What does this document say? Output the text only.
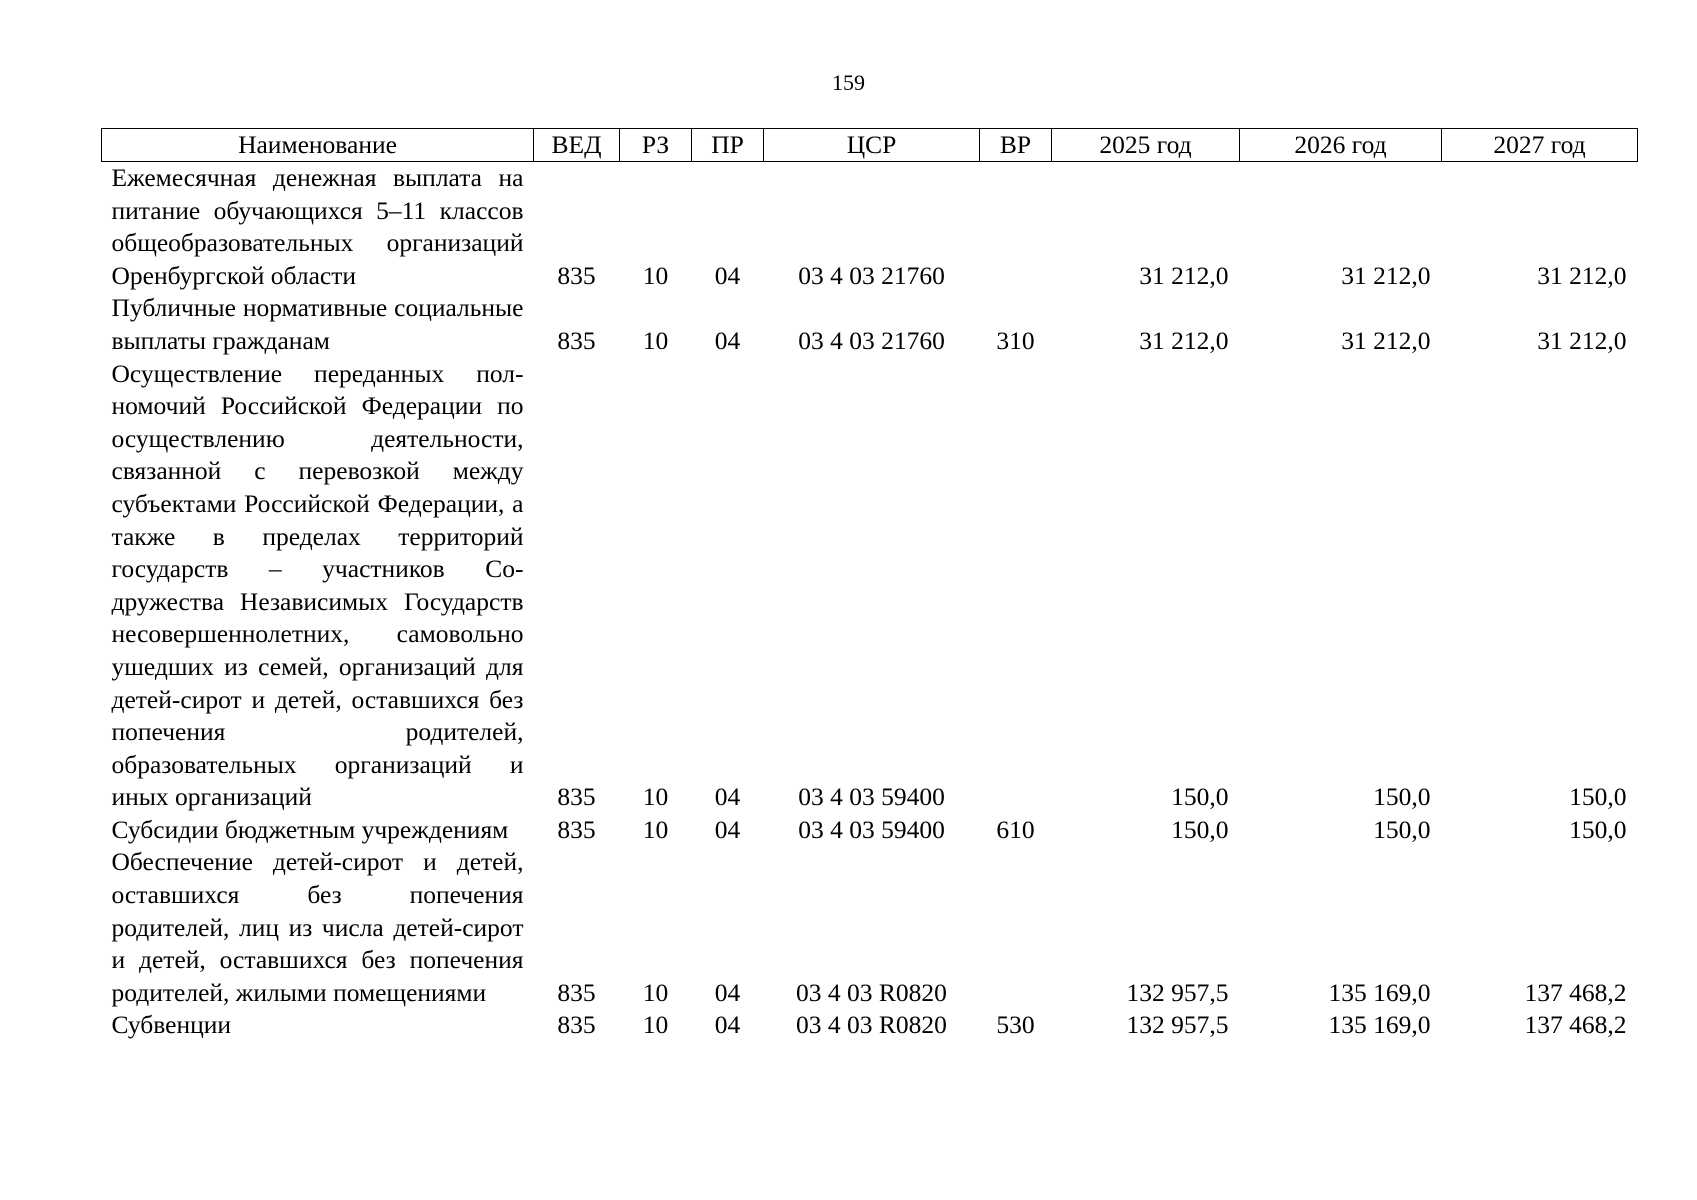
159
Наименование	ВЕД	РЗ	ПР	ЦСР	ВР	2025 год	2026 год	2027 год
Ежемесячная денежная выплата на питание обучающихся 5–11 классов общеобразовательных организаций Оренбургской области	835	10	04	03 4 03 21760		31 212,0	31 212,0	31 212,0
Публичные нормативные социальные выплаты гражданам	835	10	04	03 4 03 21760	310	31 212,0	31 212,0	31 212,0
Осуществление переданных полномочий Российской Федерации по осуществлению деятельности, связанной с перевозкой между субъектами Российской Федерации, а также в пределах территорий государств – участников Содружества Независимых Государств несовершеннолетних, самовольно ушедших из семей, организаций для детей-сирот и детей, оставшихся без попечения родителей, образовательных организаций и иных организаций	835	10	04	03 4 03 59400		150,0	150,0	150,0
Субсидии бюджетным учреждениям	835	10	04	03 4 03 59400	610	150,0	150,0	150,0
Обеспечение детей-сирот и детей, оставшихся без попечения родителей, лиц из числа детей-сирот и детей, оставшихся без попечения родителей, жилыми помещениями	835	10	04	03 4 03 R0820		132 957,5	135 169,0	137 468,2
Субвенции	835	10	04	03 4 03 R0820	530	132 957,5	135 169,0	137 468,2
